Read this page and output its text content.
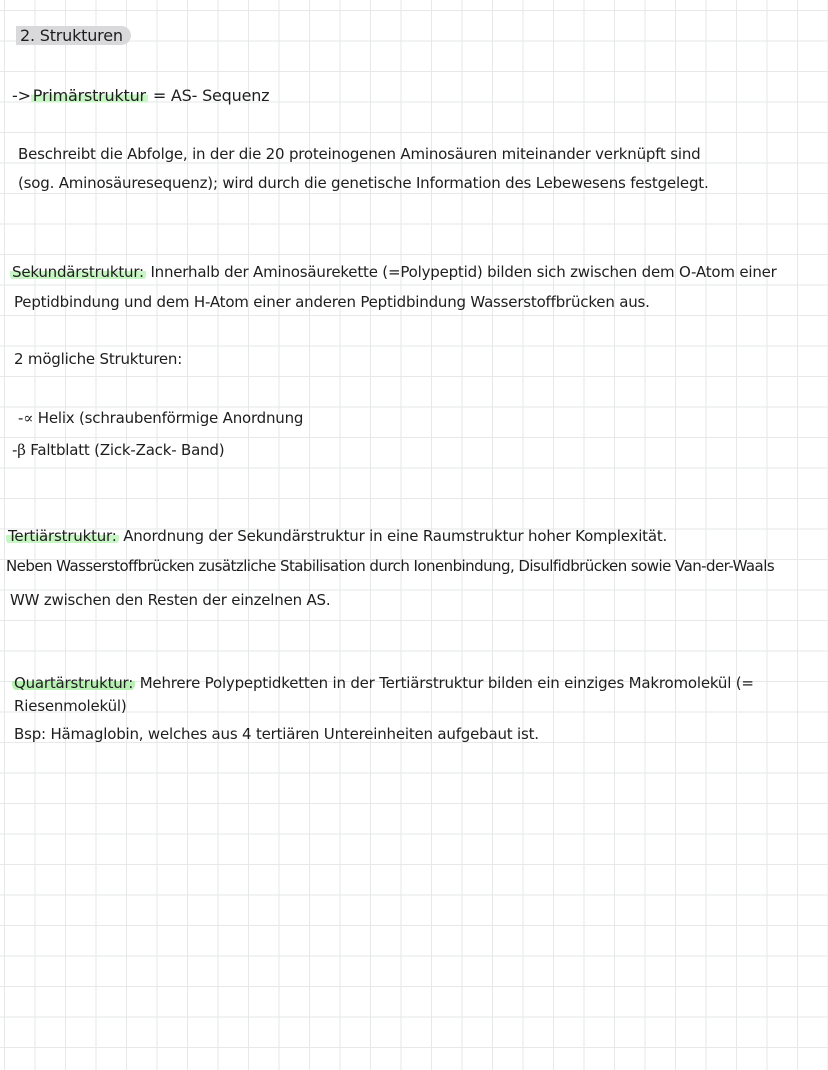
2. Strukturen
-> Primärstruktur = AS- Sequenz
Beschreibt die Abfolge, in der die 20 proteinogenen Aminosäuren miteinander verknüpft sind
(sog. Aminosäuresequenz); wird durch die genetische Information des Lebewesens festgelegt.
Sekundärstruktur: Innerhalb der Aminosäurekette (=Polypeptid) bilden sich zwischen dem O-Atom einer
Peptidbindung und dem H-Atom einer anderen Peptidbindung Wasserstoffbrücken aus.
2 mögliche Strukturen:
-∝ Helix (schraubenförmige Anordnung
-β Faltblatt (Zick-Zack- Band)
Tertiärstruktur: Anordnung der Sekundärstruktur in eine Raumstruktur hoher Komplexität.
Neben Wasserstoffbrücken zusätzliche Stabilisation durch Ionenbindung, Disulfidbrücken sowie Van-der-Waals
WW zwischen den Resten der einzelnen AS.
Quartärstruktur: Mehrere Polypeptidketten in der Tertiärstruktur bilden ein einziges Makromolekül (=
Riesenmolekül)
Bsp: Hämaglobin, welches aus 4 tertiären Untereinheiten aufgebaut ist.
